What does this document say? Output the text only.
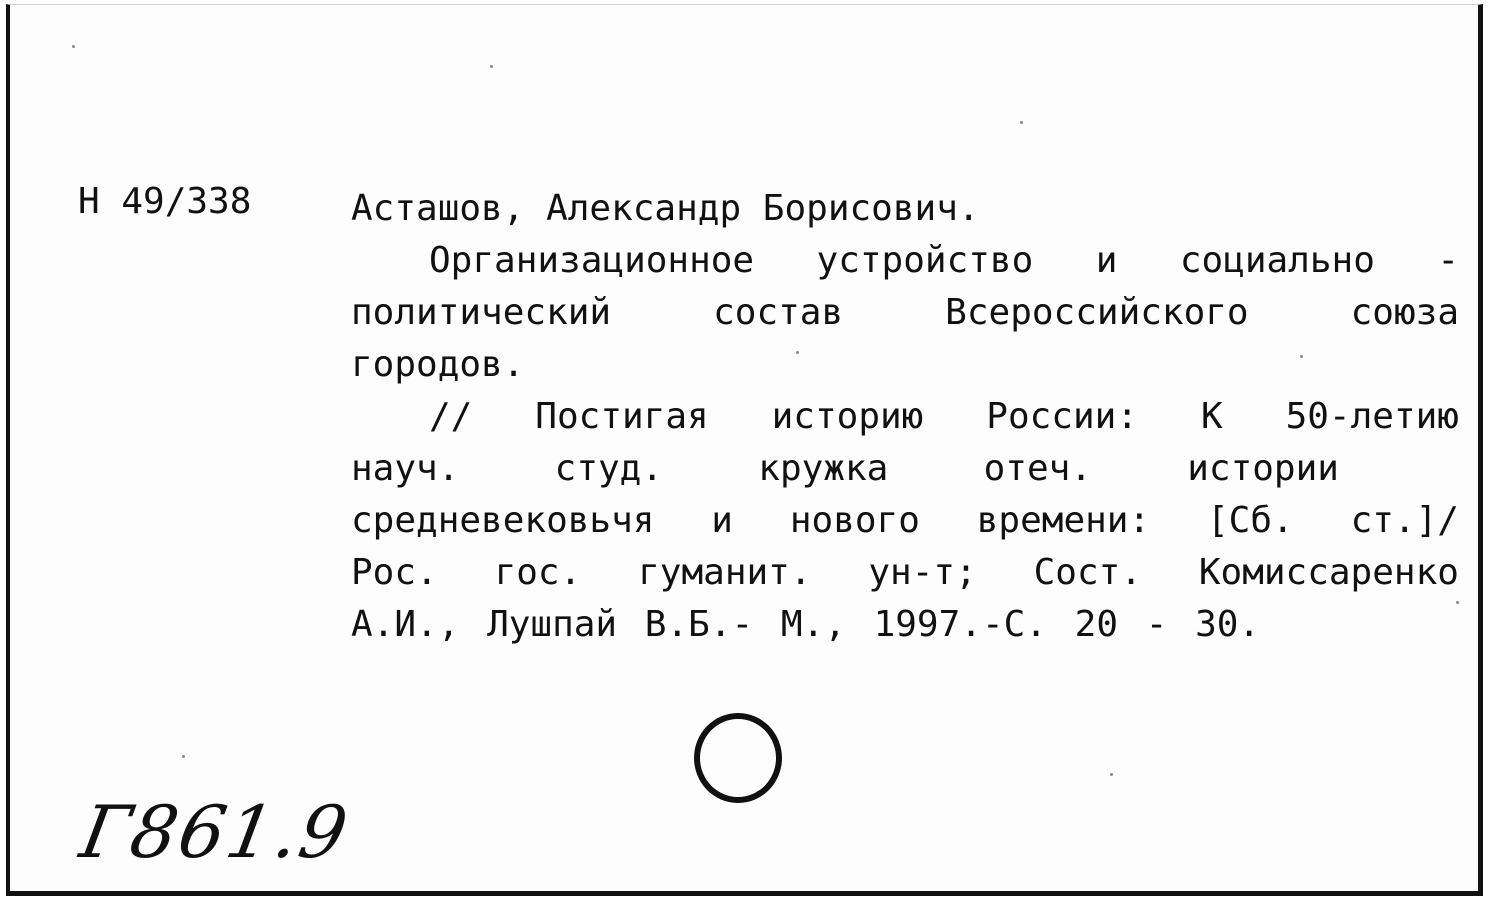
Н 49/338	Асташов, Александр Борисович.
Организационное устройство и социально -
политический	состав	Всероссийского	союза
городов.
// Постигая историю России: К 50-летию
науч.	студ.	кружка	отеч.	истории
средневековьчя и нового времени: [Сб. ст.]/
Рос. гос. гуманит. ун-т; Сост. Комиссаренко
А.И., Лушпай В.Б.- М., 1997.-С. 20 - 30.
Г861.9
